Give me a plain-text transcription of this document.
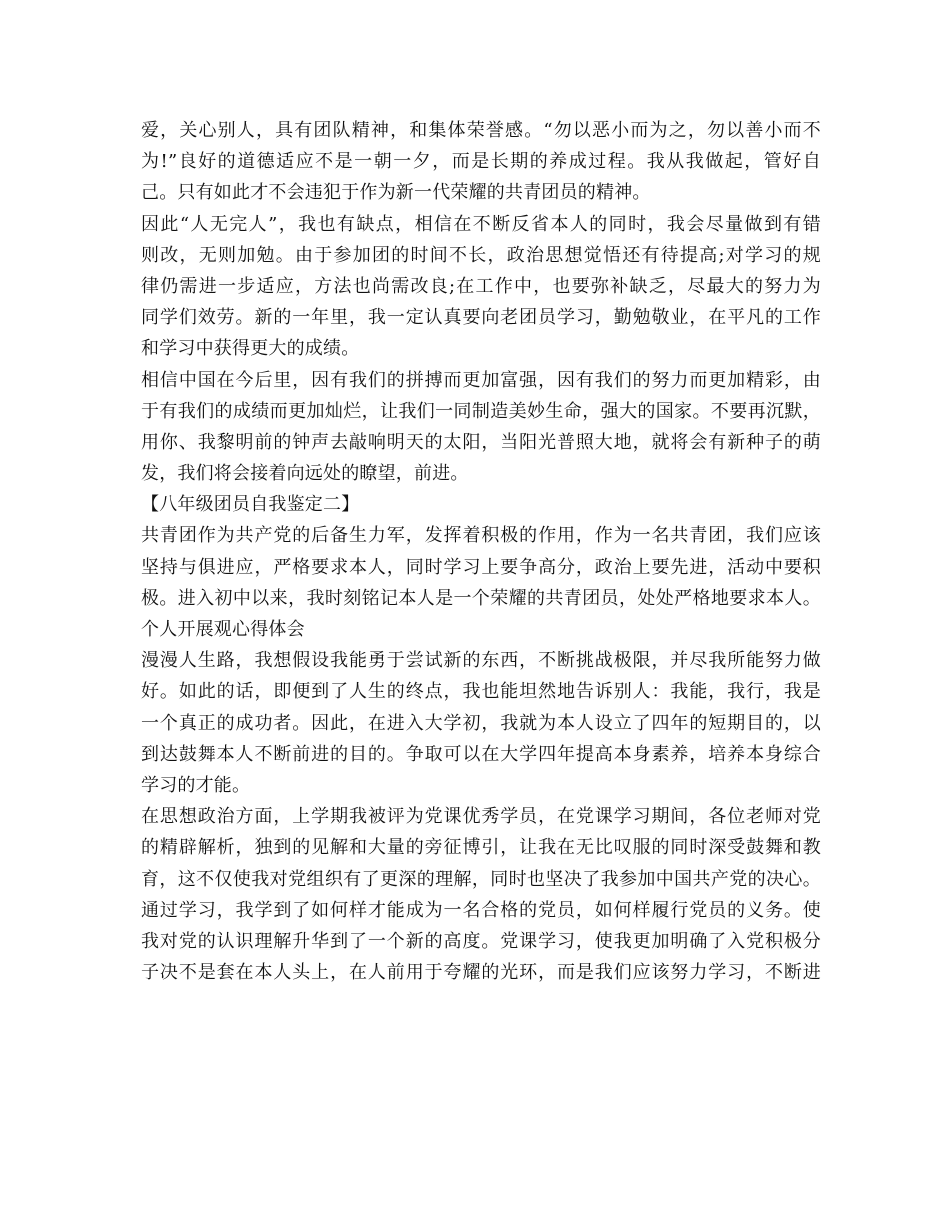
爱，关心别人，具有团队精神，和集体荣誉感。“勿以恶小而为之，勿以善小而不
为!”良好的道德适应不是一朝一夕，而是长期的养成过程。我从我做起，管好自
己。只有如此才不会违犯于作为新一代荣耀的共青团员的精神。
因此“人无完人”，我也有缺点，相信在不断反省本人的同时，我会尽量做到有错
则改，无则加勉。由于参加团的时间不长，政治思想觉悟还有待提高;对学习的规
律仍需进一步适应，方法也尚需改良;在工作中，也要弥补缺乏，尽最大的努力为
同学们效劳。新的一年里，我一定认真要向老团员学习，勤勉敬业，在平凡的工作
和学习中获得更大的成绩。
相信中国在今后里，因有我们的拼搏而更加富强，因有我们的努力而更加精彩，由
于有我们的成绩而更加灿烂，让我们一同制造美妙生命，强大的国家。不要再沉默，
用你、我黎明前的钟声去敲响明天的太阳，当阳光普照大地，就将会有新种子的萌
发，我们将会接着向远处的瞭望，前进。
【八年级团员自我鉴定二】
共青团作为共产党的后备生力军，发挥着积极的作用，作为一名共青团，我们应该
坚持与俱进应，严格要求本人，同时学习上要争高分，政治上要先进，活动中要积
极。进入初中以来，我时刻铭记本人是一个荣耀的共青团员，处处严格地要求本人。
个人开展观心得体会
漫漫人生路，我想假设我能勇于尝试新的东西，不断挑战极限，并尽我所能努力做
好。如此的话，即便到了人生的终点，我也能坦然地告诉别人：我能，我行，我是
一个真正的成功者。因此，在进入大学初，我就为本人设立了四年的短期目的，以
到达鼓舞本人不断前进的目的。争取可以在大学四年提高本身素养，培养本身综合
学习的才能。
在思想政治方面，上学期我被评为党课优秀学员，在党课学习期间，各位老师对党
的精辟解析，独到的见解和大量的旁征博引，让我在无比叹服的同时深受鼓舞和教
育，这不仅使我对党组织有了更深的理解，同时也坚决了我参加中国共产党的决心。
通过学习，我学到了如何样才能成为一名合格的党员，如何样履行党员的义务。使
我对党的认识理解升华到了一个新的高度。党课学习，使我更加明确了入党积极分
子决不是套在本人头上，在人前用于夸耀的光环，而是我们应该努力学习，不断进
